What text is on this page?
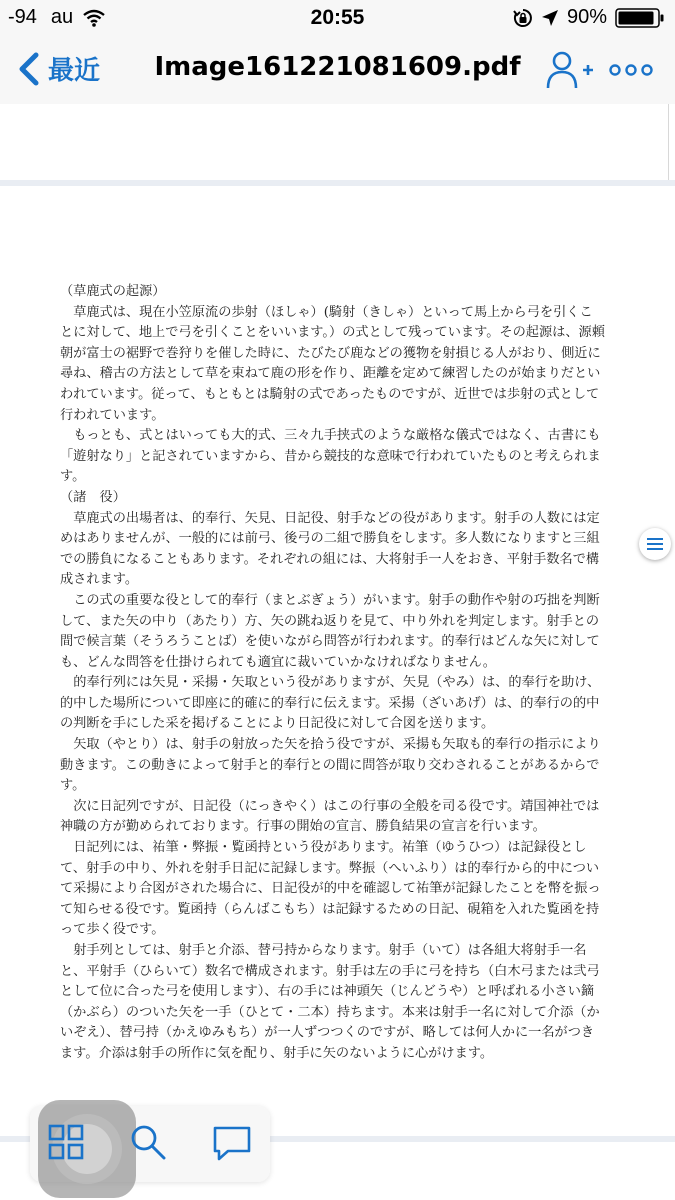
-94 au	20:55	90%
最近	Image161221081609.pdf

（草鹿式の起源）

草鹿式は、現在小笠原流の歩射（ほしゃ）(騎射（きしゃ）といって馬上から弓を引くことに対して、地上で弓を引くことをいいます。）の式として残っています。その起源は、源頼朝が富士の裾野で巻狩りを催した時に、たびたび鹿などの獲物を射損じる人がおり、側近に尋ね、稽古の方法として草を束ねて鹿の形を作り、距離を定めて練習したのが始まりだといわれています。従って、もともとは騎射の式であったものですが、近世では歩射の式として行われています。

もっとも、式とはいっても大的式、三々九手挟式のような厳格な儀式ではなく、古書にも「遊射なり」と記されていますから、昔から競技的な意味で行われていたものと考えられます。

（諸　役）

草鹿式の出場者は、的奉行、矢見、日記役、射手などの役があります。射手の人数には定めはありませんが、一般的には前弓、後弓の二組で勝負をします。多人数になりますと三組での勝負になることもあります。それぞれの組には、大将射手一人をおき、平射手数名で構成されます。

この式の重要な役として的奉行（まとぶぎょう）がいます。射手の動作や射の巧拙を判断して、また矢の中り（あたり）方、矢の跳ね返りを見て、中り外れを判定します。射手との間で候言葉（そうろうことば）を使いながら問答が行われます。的奉行はどんな矢に対しても、どんな問答を仕掛けられても適宜に裁いていかなければなりません。

的奉行列には矢見・采揚・矢取という役がありますが、矢見（やみ）は、的奉行を助け、的中した場所について即座に的確に的奉行に伝えます。采揚（ざいあげ）は、的奉行の的中の判断を手にした采を掲げることにより日記役に対して合図を送ります。

矢取（やとり）は、射手の射放った矢を拾う役ですが、采揚も矢取も的奉行の指示により動きます。この動きによって射手と的奉行との間に問答が取り交わされることがあるからです。

次に日記列ですが、日記役（にっきやく）はこの行事の全般を司る役です。靖国神社では神職の方が勤められております。行事の開始の宣言、勝負結果の宣言を行います。

日記列には、祐筆・弊振・覧函持という役があります。祐筆（ゆうひつ）は記録役として、射手の中り、外れを射手日記に記録します。弊振（へいふり）は的奉行から的中について采揚により合図がされた場合に、日記役が的中を確認して祐筆が記録したことを幣を振って知らせる役です。覧函持（らんばこもち）は記録するための日記、硯箱を入れた覧函を持って歩く役です。

射手列としては、射手と介添、替弓持からなります。射手（いて）は各組大将射手一名と、平射手（ひらいて）数名で構成されます。射手は左の手に弓を持ち（白木弓または弐弓として位に合った弓を使用します）、右の手には神頭矢（じんどうや）と呼ばれる小さい鏑（かぶら）のついた矢を一手（ひとて・二本）持ちます。本来は射手一名に対して介添（かいぞえ）、替弓持（かえゆみもち）が一人ずつつくのですが、略しては何人かに一名がつきます。介添は射手の所作に気を配り、射手に矢のないように心がけます。
